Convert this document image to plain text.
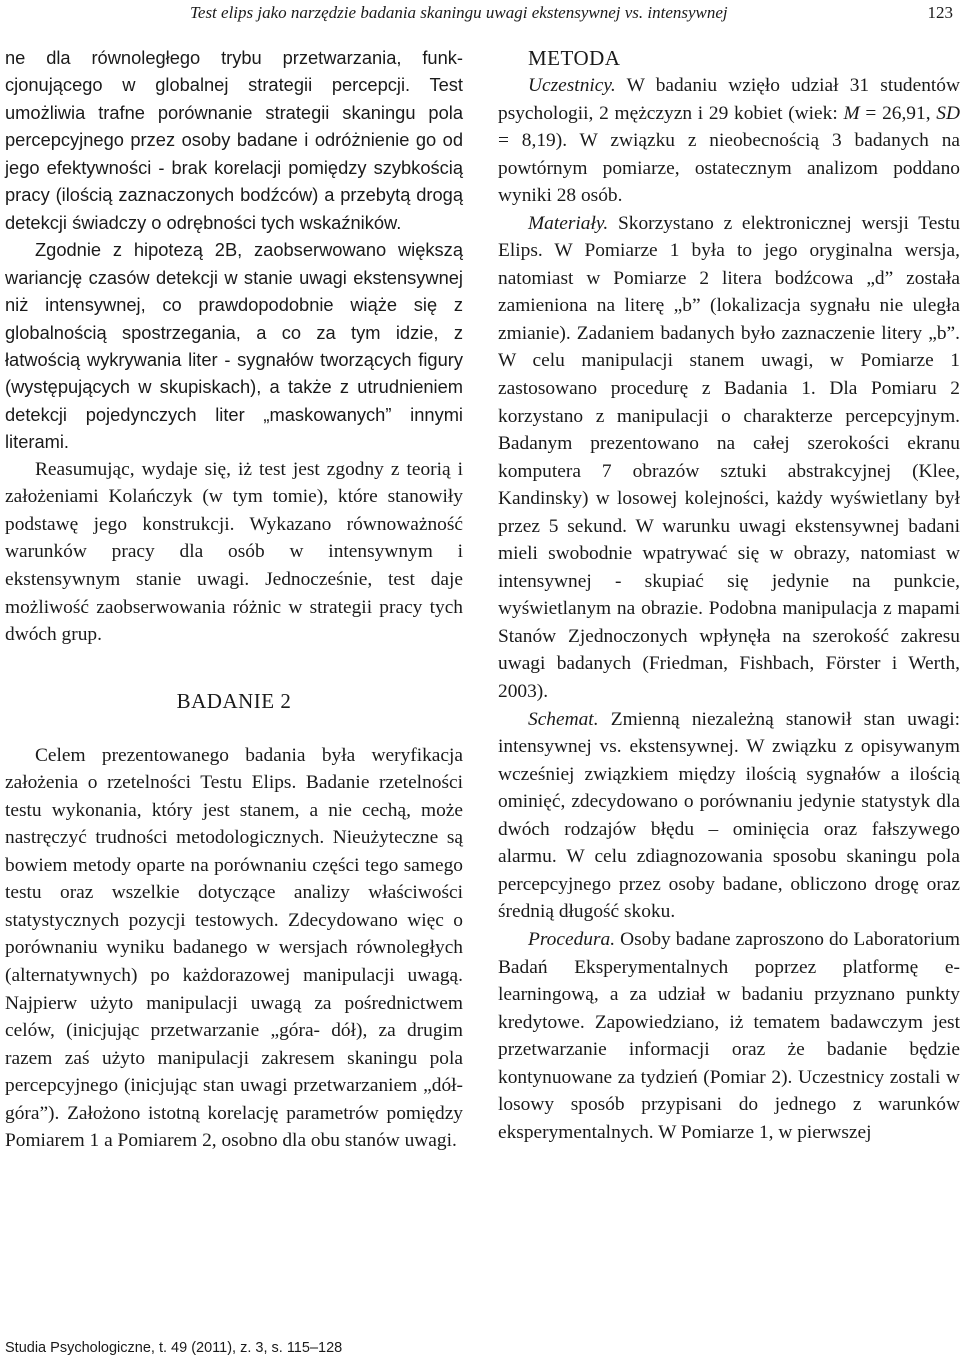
Test elips jako narzędzie badania skaningu uwagi ekstensywnej vs. intensywnej	123

ne dla równoległego trybu przetwarzania, funkcjonującego w globalnej strategii percepcji. Test umożliwia trafne porównanie strategii skaningu pola percepcyjnego przez osoby badane i odróżnienie go od jego efektywności - brak korelacji pomiędzy szybkością pracy (ilością zaznaczonych bodźców) a przebytą drogą detekcji świadczy o odrębności tych wskaźników.

Zgodnie z hipotezą 2B, zaobserwowano większą wariancję czasów detekcji w stanie uwagi ekstensywnej niż intensywnej, co prawdopodobnie wiąże się z globalnością spostrzegania, a co za tym idzie, z łatwością wykrywania liter - sygnałów tworzących figury (występujących w skupiskach), a także z utrudnieniem detekcji pojedynczych liter „maskowanych” innymi literami.

Reasumując, wydaje się, iż test jest zgodny z teorią i założeniami Kolańczyk (w tym tomie), które stanowiły podstawę jego konstrukcji. Wykazano równoważność warunków pracy dla osób w intensywnym i ekstensywnym stanie uwagi. Jednocześnie, test daje możliwość zaobserwowania różnic w strategii pracy tych dwóch grup.

BADANIE 2

Celem prezentowanego badania była weryfikacja założenia o rzetelności Testu Elips. Badanie rzetelności testu wykonania, który jest stanem, a nie cechą, może nastręczyć trudności metodologicznych. Nieużyteczne są bowiem metody oparte na porównaniu części tego samego testu oraz wszelkie dotyczące analizy właściwości statystycznych pozycji testowych. Zdecydowano więc o porównaniu wyniku badanego w wersjach równoległych (alternatywnych) po każdorazowej manipulacji uwagą. Najpierw użyto manipulacji uwagą za pośrednictwem celów, (inicjując przetwarzanie „góra- dół), za drugim razem zaś użyto manipulacji zakresem skaningu pola percepcyjnego (inicjując stan uwagi przetwarzaniem „dół-góra”). Założono istotną korelację parametrów pomiędzy Pomiarem 1 a Pomiarem 2, osobno dla obu stanów uwagi.

METODA

Uczestnicy. W badaniu wzięło udział 31 studentów psychologii, 2 mężczyzn i 29 kobiet (wiek: M = 26,91, SD = 8,19). W związku z nieobecnością 3 badanych na powtórnym pomiarze, ostatecznym analizom poddano wyniki 28 osób.

Materiały. Skorzystano z elektronicznej wersji Testu Elips. W Pomiarze 1 była to jego oryginalna wersja, natomiast w Pomiarze 2 litera bodźcowa „d” została zamieniona na literę „b” (lokalizacja sygnału nie uległa zmianie). Zadaniem badanych było zaznaczenie litery „b”. W celu manipulacji stanem uwagi, w Pomiarze 1 zastosowano procedurę z Badania 1. Dla Pomiaru 2 korzystano z manipulacji o charakterze percepcyjnym. Badanym prezentowano na całej szerokości ekranu komputera 7 obrazów sztuki abstrakcyjnej (Klee, Kandinsky) w losowej kolejności, każdy wyświetlany był przez 5 sekund. W warunku uwagi ekstensywnej badani mieli swobodnie wpatrywać się w obrazy, natomiast w intensywnej - skupiać się jedynie na punkcie, wyświetlanym na obrazie. Podobna manipulacja z mapami Stanów Zjednoczonych wpłynęła na szerokość zakresu uwagi badanych (Friedman, Fishbach, Förster i Werth, 2003).

Schemat. Zmienną niezależną stanowił stan uwagi: intensywnej vs. ekstensywnej. W związku z opisywanym wcześniej związkiem między ilością sygnałów a ilością ominięć, zdecydowano o porównaniu jedynie statystyk dla dwóch rodzajów błędu – ominięcia oraz fałszywego alarmu. W celu zdiagnozowania sposobu skaningu pola percepcyjnego przez osoby badane, obliczono drogę oraz średnią długość skoku.

Procedura. Osoby badane zaproszono do Laboratorium Badań Eksperymentalnych poprzez platformę e-learningową, a za udział w badaniu przyznano punkty kredytowe. Zapowiedziano, iż tematem badawczym jest przetwarzanie informacji oraz że badanie będzie kontynuowane za tydzień (Pomiar 2). Uczestnicy zostali w losowy sposób przypisani do jednego z warunków eksperymentalnych. W Pomiarze 1, w pierwszej

Studia Psychologiczne, t. 49 (2011), z. 3, s. 115–128
